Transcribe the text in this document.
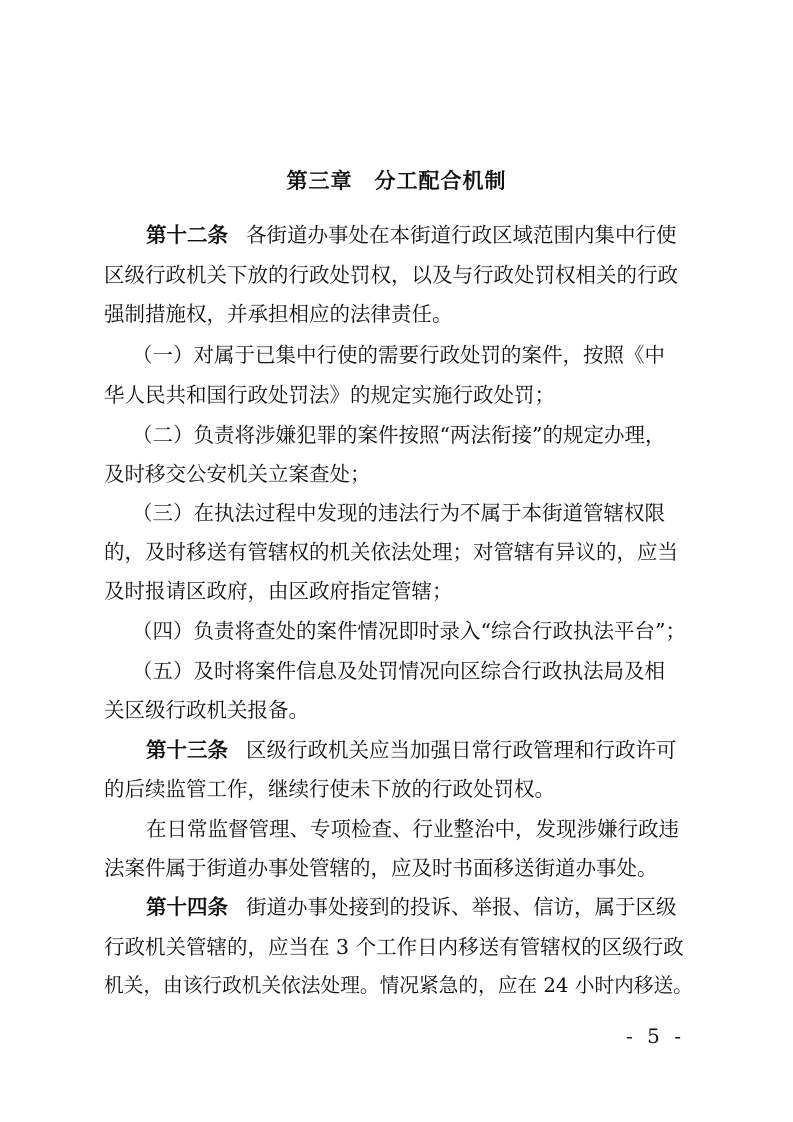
第三章　分工配合机制
第十二条 各街道办事处在本街道行政区域范围内集中行使
区级行政机关下放的行政处罚权，以及与行政处罚权相关的行政
强制措施权，并承担相应的法律责任。
（一）对属于已集中行使的需要行政处罚的案件，按照《中
华人民共和国行政处罚法》的规定实施行政处罚；
（二）负责将涉嫌犯罪的案件按照“两法衔接”的规定办理，
及时移交公安机关立案查处；
（三）在执法过程中发现的违法行为不属于本街道管辖权限
的，及时移送有管辖权的机关依法处理；对管辖有异议的，应当
及时报请区政府，由区政府指定管辖；
（四）负责将查处的案件情况即时录入“综合行政执法平台”；
（五）及时将案件信息及处罚情况向区综合行政执法局及相
关区级行政机关报备。
第十三条 区级行政机关应当加强日常行政管理和行政许可
的后续监管工作，继续行使未下放的行政处罚权。
在日常监督管理、专项检查、行业整治中，发现涉嫌行政违
法案件属于街道办事处管辖的，应及时书面移送街道办事处。
第十四条 街道办事处接到的投诉、举报、信访，属于区级
行政机关管辖的，应当在 3 个工作日内移送有管辖权的区级行政
机关，由该行政机关依法处理。情况紧急的，应在 24 小时内移送。
- 5 -
